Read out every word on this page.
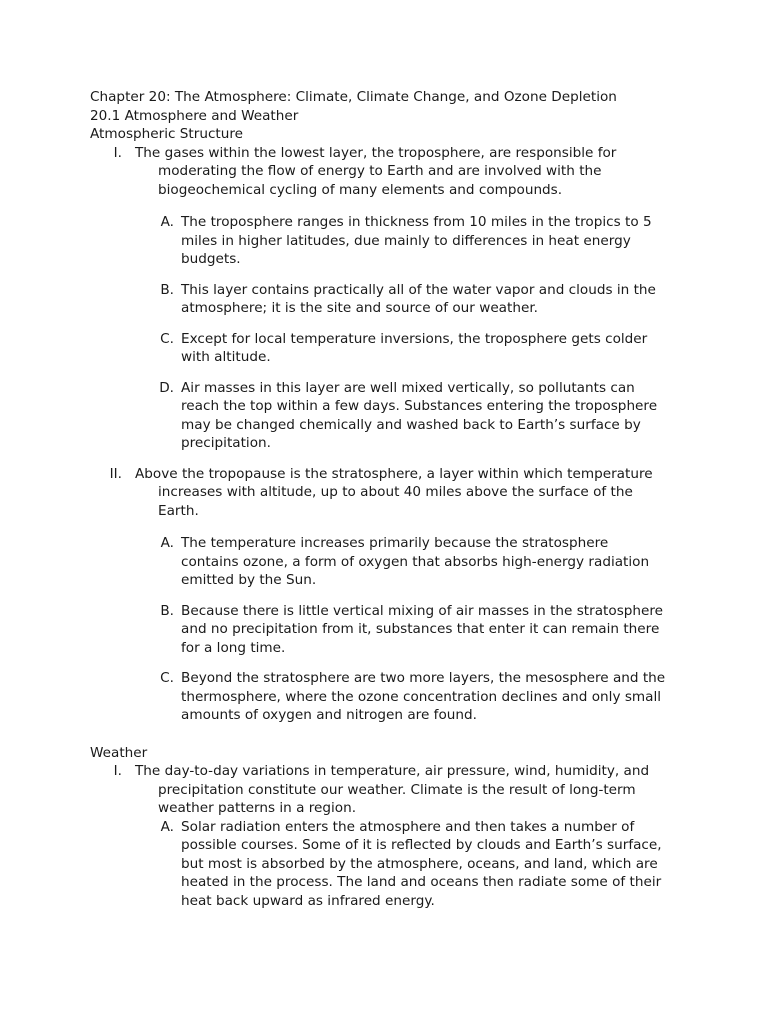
Chapter 20: The Atmosphere: Climate, Climate Change, and Ozone Depletion

20.1 Atmosphere and Weather

Atmospheric Structure

I. The gases within the lowest layer, the troposphere, are responsible for
moderating the flow of energy to Earth and are involved with the
biogeochemical cycling of many elements and compounds.
A. The troposphere ranges in thickness from 10 miles in the tropics to 5
miles in higher latitudes, due mainly to differences in heat energy
budgets.
B. This layer contains practically all of the water vapor and clouds in the
atmosphere; it is the site and source of our weather.
C. Except for local temperature inversions, the troposphere gets colder
with altitude.
D. Air masses in this layer are well mixed vertically, so pollutants can
reach the top within a few days. Substances entering the troposphere
may be changed chemically and washed back to Earth’s surface by
precipitation.
II. Above the tropopause is the stratosphere, a layer within which temperature
increases with altitude, up to about 40 miles above the surface of the
Earth.
A. The temperature increases primarily because the stratosphere
contains ozone, a form of oxygen that absorbs high-energy radiation
emitted by the Sun.
B. Because there is little vertical mixing of air masses in the stratosphere
and no precipitation from it, substances that enter it can remain there
for a long time.
C. Beyond the stratosphere are two more layers, the mesosphere and the
thermosphere, where the ozone concentration declines and only small
amounts of oxygen and nitrogen are found.

Weather

I. The day-to-day variations in temperature, air pressure, wind, humidity, and
precipitation constitute our weather. Climate is the result of long-term
weather patterns in a region.
A. Solar radiation enters the atmosphere and then takes a number of
possible courses. Some of it is reflected by clouds and Earth’s surface,
but most is absorbed by the atmosphere, oceans, and land, which are
heated in the process. The land and oceans then radiate some of their
heat back upward as infrared energy.
